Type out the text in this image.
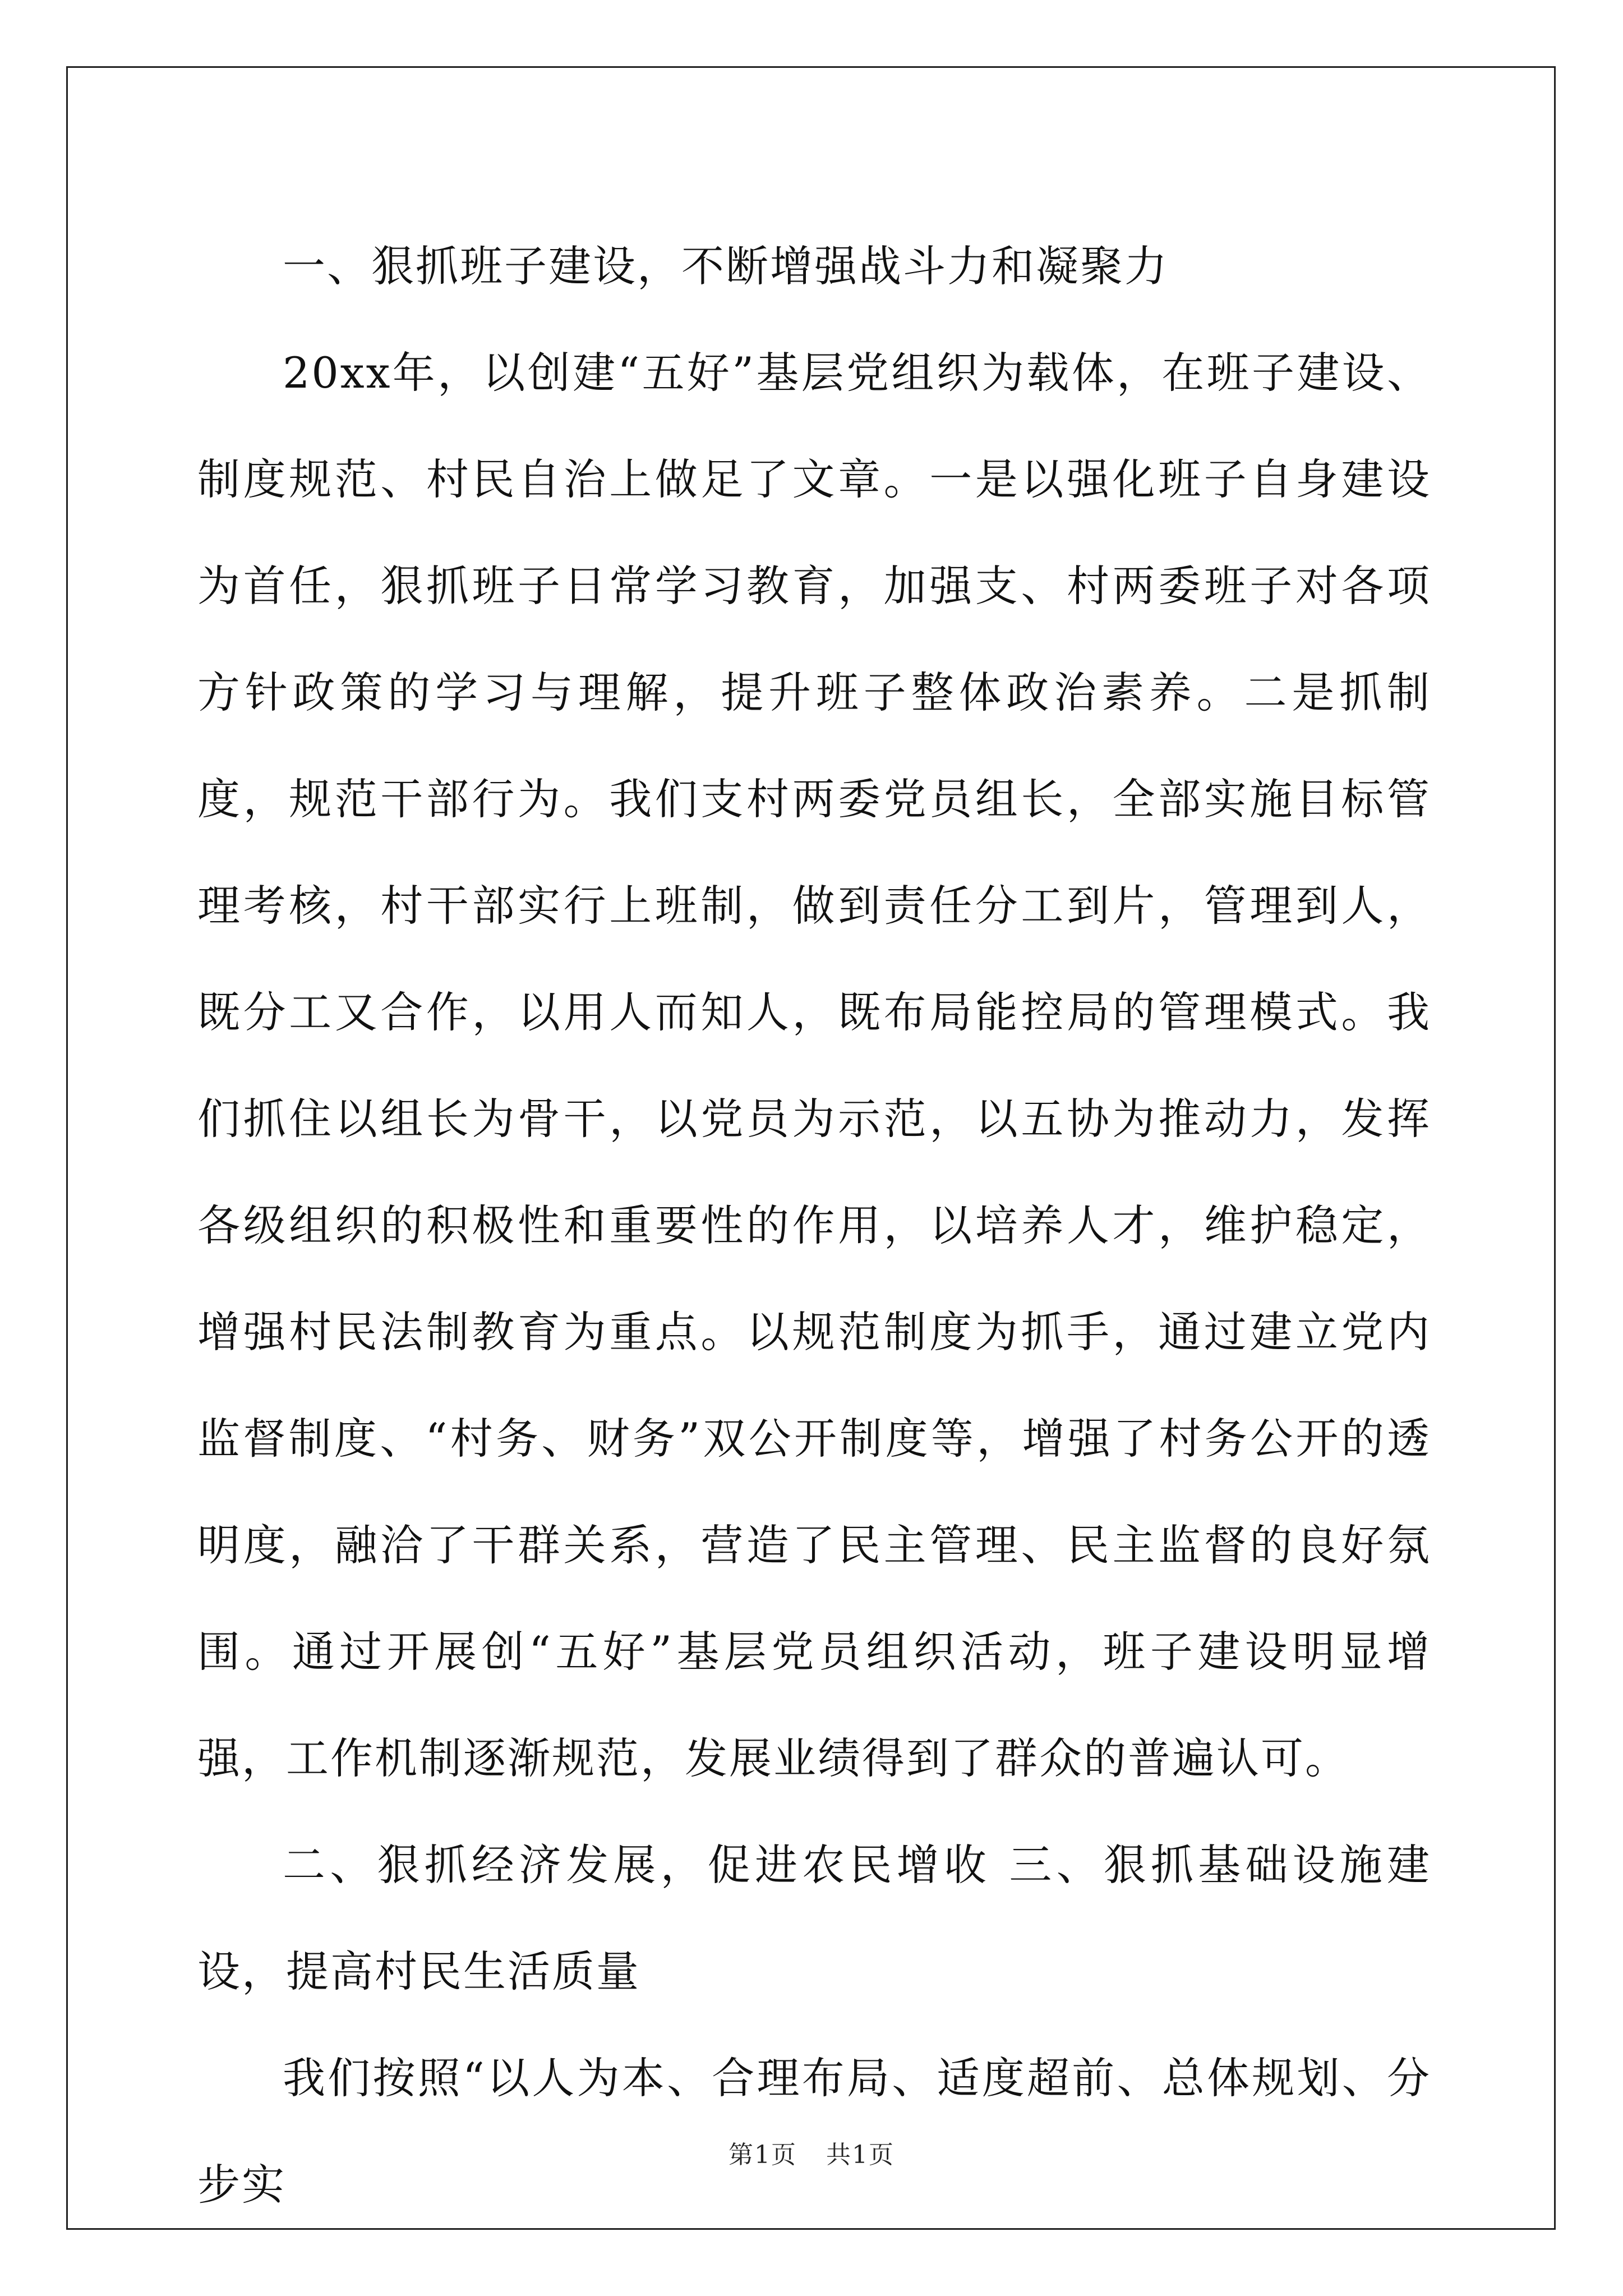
一、狠抓班子建设，不断增强战斗力和凝聚力

20xx年，以创建“五好”基层党组织为载体，在班子建设、制度规范、村民自治上做足了文章。一是以强化班子自身建设为首任，狠抓班子日常学习教育，加强支、村两委班子对各项方针政策的学习与理解，提升班子整体政治素养。二是抓制度，规范干部行为。我们支村两委党员组长，全部实施目标管理考核，村干部实行上班制，做到责任分工到片，管理到人，既分工又合作，以用人而知人，既布局能控局的管理模式。我们抓住以组长为骨干，以党员为示范，以五协为推动力，发挥各级组织的积极性和重要性的作用，以培养人才，维护稳定，增强村民法制教育为重点。以规范制度为抓手，通过建立党内监督制度、“村务、财务”双公开制度等，增强了村务公开的透明度，融洽了干群关系，营造了民主管理、民主监督的良好氛围。通过开展创“五好”基层党员组织活动，班子建设明显增强，工作机制逐渐规范，发展业绩得到了群众的普遍认可。

二、狠抓经济发展，促进农民增收 三、狠抓基础设施建设，提高村民生活质量

我们按照“以人为本、合理布局、适度超前、总体规划、分步实

第1页 共1页
